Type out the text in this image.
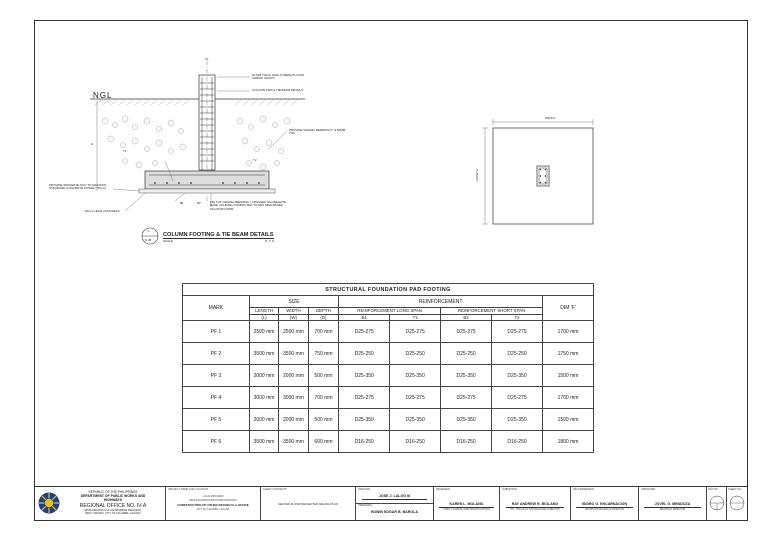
NGL
CL
20 MM THICK HIGH STRENGTH NON SHRINK GROUT
COLUMN TIES & TIE BEAM DETAILS
PROVIDE GRAVEL BEDDING 5" & 50MM THK.
PROVIDE SPACER BLOCK TO MAINTAIN STANDARD CONCRETE COVER (75mm)
50mm LEAN CONCRETE
150 THK GRAVEL BEDDING ( CRUSHED AGGREGATE BASE COURSE) COMPACTED TO 95% MDD BASED ON ASTM D1556
T1
T2
B1	B2
H
1
S-05
COLUMN FOOTING & TIE BEAM DETAILS
SCALE	N. T. S.
WIDTH
LENGTH
STRUCTURAL FOUNDATION PAD FOOTING								
MARK	SIZE			REINFORCEMENT				DIM 'F'
	LENGTH	WIDTH	DEPTH	REINFORCEMENT LONG SPAN		REINFORCEMENT SHORT SPAN		
	(L)	(W)	(D)	B1	T1	B2	T2	
PF 1	2500 mm	2500 mm	700 mm	D25-275	D25-275	D25-275	D25-275	1700 mm
PF 2	3500 mm	3500 mm	750 mm	D25-250	D25-250	D25-250	D25-250	1750 mm
PF 3	2000 mm	2000 mm	500 mm	D25-350	D25-350	D25-350	D25-350	1500 mm
PF 4	3000 mm	3000 mm	700 mm	D25-275	D25-275	D25-275	D25-275	1700 mm
PF 5	2000 mm	2000 mm	500 mm	D25-350	D25-350	D25-350	D25-350	1500 mm
PF 6	3500 mm	3500 mm	600 mm	D16-250	D16-250	D16-250	D16-250	1800 mm
REPUBLIC OF THE PHILIPPINES
DEPARTMENT OF PUBLIC WORKS AND
HIGHWAYS
REGIONAL OFFICE NO. IV-A
DPWH REGION IV-A CALABARZON REGIONAL
BRGY MAYAPA, CITY OF CALAMBA, LAGUNA
PROJECT NAME AND LOCATION
LOCAL PROGRAM
REGULAR INFRASTRUCTURE PROGRAM
CONSTRUCTION OF OTHER REGION IV-A OFFICE
CITY OF CALAMBA, LAGUNA
SHEET CONTENTS
SECOND FLOOR REFLECTED CEILING PLAN
DRAFTED
JOSE J. LALOG III
PREPARED
EDWIN EDGAR B. BAROLA
REVIEWED
KAREN L. MOLANO
CHIEF, PLANNING AND DESIGN DIVISION
SUBMITTED
RAY ANDREW R. BIOLANO
OIC, OFFICE OF THE REGIONAL DIRECTOR
RECOMMENDED
ISIDRO G. ENCARNACION
ASSISTANT REGIONAL DIRECTOR
APPROVED
JOVEL G. MENDOZA
REGIONAL DIRECTOR
SET NO.	SHEET NO.
